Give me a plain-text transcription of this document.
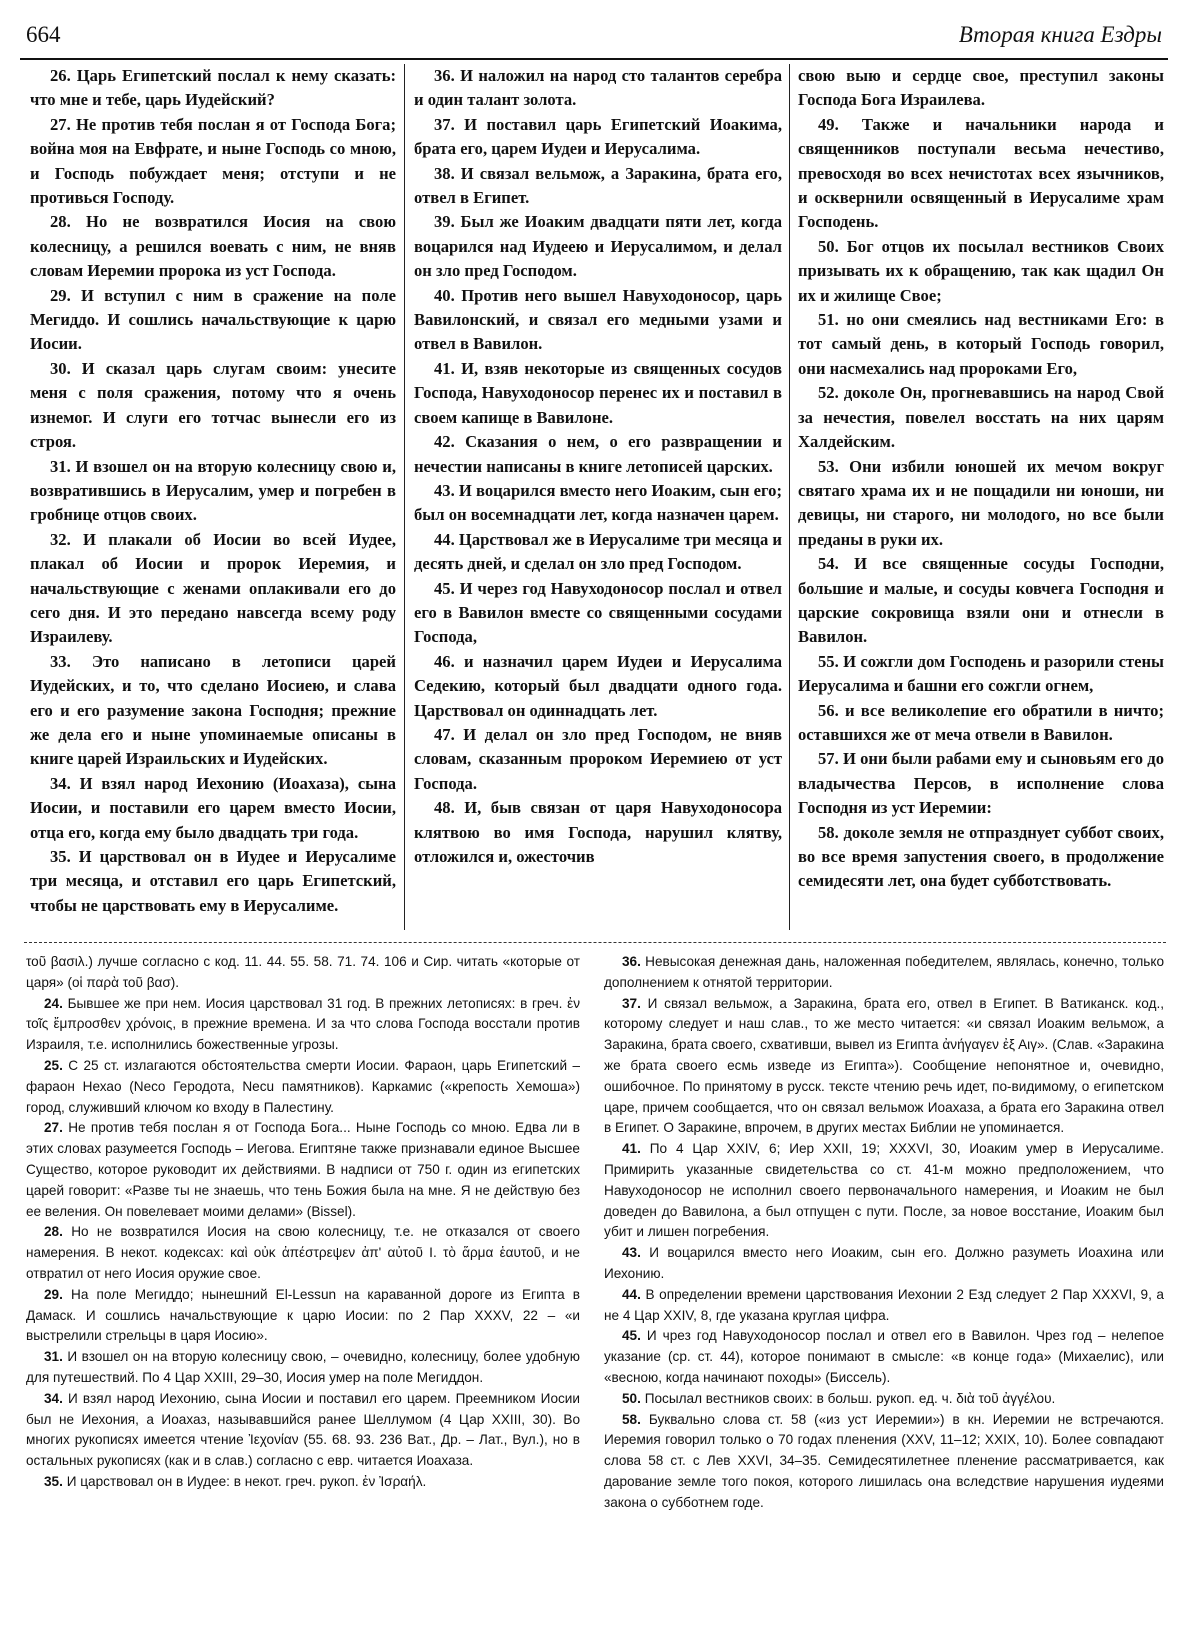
664	Вторая книга Ездры

26. Царь Египетский послал к нему сказать: что мне и тебе, царь Иудейский?

27. Не против тебя послан я от Господа Бога; война моя на Евфрате, и ныне Господь со мною, и Господь побуждает меня; отступи и не противься Господу.

28. Но не возвратился Иосия на свою колесницу, а решился воевать с ним, не вняв словам Иеремии пророка из уст Господа.

29. И вступил с ним в сражение на поле Мегиддо. И сошлись начальствующие к царю Иосии.

30. И сказал царь слугам своим: унесите меня с поля сражения, потому что я очень изнемог. И слуги его тотчас вынесли его из строя.

31. И взошел он на вторую колесницу свою и, возвратившись в Иерусалим, умер и погребен в гробнице отцов своих.

32. И плакали об Иосии во всей Иудее, плакал об Иосии и пророк Иеремия, и начальствующие с женами оплакивали его до сего дня. И это передано навсегда всему роду Израилеву.

33. Это написано в летописи царей Иудейских, и то, что сделано Иосиею, и слава его и его разумение закона Господня; прежние же дела его и ныне упоминаемые описаны в книге царей Израильских и Иудейских.

34. И взял народ Иехонию (Иоахаза), сына Иосии, и поставили его царем вместо Иосии, отца его, когда ему было двадцать три года.

35. И царствовал он в Иудее и Иерусалиме три месяца, и отставил его царь Египетский, чтобы не царствовать ему в Иерусалиме.

36. И наложил на народ сто талантов серебра и один талант золота.

37. И поставил царь Египетский Иоакима, брата его, царем Иудеи и Иерусалима.

38. И связал вельмож, а Заракина, брата его, отвел в Египет.

39. Был же Иоаким двадцати пяти лет, когда воцарился над Иудеею и Иерусалимом, и делал он зло пред Господом.

40. Против него вышел Навуходоносор, царь Вавилонский, и связал его медными узами и отвел в Вавилон.

41. И, взяв некоторые из священных сосудов Господа, Навуходоносор перенес их и поставил в своем капище в Вавилоне.

42. Сказания о нем, о его развращении и нечестии написаны в книге летописей царских.

43. И воцарился вместо него Иоаким, сын его; был он восемнадцати лет, когда назначен царем.

44. Царствовал же в Иерусалиме три месяца и десять дней, и сделал он зло пред Господом.

45. И через год Навуходоносор послал и отвел его в Вавилон вместе со священными сосудами Господа,

46. и назначил царем Иудеи и Иерусалима Седекию, который был двадцати одного года. Царствовал он одиннадцать лет.

47. И делал он зло пред Господом, не вняв словам, сказанным пророком Иеремиею от уст Господа.

48. И, быв связан от царя Навуходоносора клятвою во имя Господа, нарушил клятву, отложился и, ожесточив

свою выю и сердце свое, преступил законы Господа Бога Израилева.

49. Также и начальники народа и священников поступали весьма нечестиво, превосходя во всех нечистотах всех язычников, и осквернили освященный в Иерусалиме храм Господень.

50. Бог отцов их посылал вестников Своих призывать их к обращению, так как щадил Он их и жилище Свое;

51. но они смеялись над вестниками Его: в тот самый день, в который Господь говорил, они насмехались над пророками Его,

52. доколе Он, прогневавшись на народ Свой за нечестия, повелел восстать на них царям Халдейским.

53. Они избили юношей их мечом вокруг святаго храма их и не пощадили ни юноши, ни девицы, ни старого, ни молодого, но все были преданы в руки их.

54. И все священные сосуды Господни, большие и малые, и сосуды ковчега Господня и царские сокровища взяли они и отнесли в Вавилон.

55. И сожгли дом Господень и разорили стены Иерусалима и башни его сожгли огнем,

56. и все великолепие его обратили в ничто; оставшихся же от меча отвели в Вавилон.

57. И они были рабами ему и сыновьям его до владычества Персов, в исполнение слова Господня из уст Иеремии:

58. доколе земля не отпразднует суббот своих, во все время запустения своего, в продолжение семидесяти лет, она будет субботствовать.

τοῦ βασιλ.) лучше согласно с код. 11. 44. 55. 58. 71. 74. 106 и Сир. читать «которые от царя» (οἱ παρὰ τοῦ βασ).

24. Бывшее же при нем. Иосия царствовал 31 год. В прежних летописях: в греч. ἐν τοῖς ἔμπροσθεν χρόνοις, в прежние времена. И за что слова Господа восстали против Израиля, т.е. исполнились божественные угрозы.

25. С 25 ст. излагаются обстоятельства смерти Иосии. Фараон, царь Египетский – фараон Нехао (Neco Геродота, Necu памятников). Каркамис («крепость Хемоша») город, служивший ключом ко входу в Палестину.

27. Не против тебя послан я от Господа Бога... Ныне Господь со мною. Едва ли в этих словах разумеется Господь – Иегова. Египтяне также признавали единое Высшее Существо, которое руководит их действиями. В надписи от 750 г. один из египетских царей говорит: «Разве ты не знаешь, что тень Божия была на мне. Я не действую без ее веления. Он повелевает моими делами» (Bissel).

28. Но не возвратился Иосия на свою колесницу, т.е. не отказался от своего намерения. В некот. кодексах: καὶ οὐκ ἀπέστρεψεν ἀπ' αὐτοῦ Ι. τὸ ἅρμα ἑαυτοῦ, и не отвратил от него Иосия оружие свое.

29. На поле Мегиддо; нынешний El-Lessun на караванной дороге из Египта в Дамаск. И сошлись начальствующие к царю Иосии: по 2 Пар XXXV, 22 – «и выстрелили стрельцы в царя Иосию».

31. И взошел он на вторую колесницу свою, – очевидно, колесницу, более удобную для путешествий. По 4 Цар XXIII, 29–30, Иосия умер на поле Мегиддон.

34. И взял народ Иехонию, сына Иосии и поставил его царем. Преемником Иосии был не Иехония, а Иоахаз, называвшийся ранее Шеллумом (4 Цар XXIII, 30). Во многих рукописях имеется чтение Ἰεχονίαν (55. 68. 93. 236 Ват., Др. – Лат., Вул.), но в остальных рукописях (как и в слав.) согласно с евр. читается Иоахаза.

35. И царствовал он в Иудее: в некот. греч. рукоп. ἐν Ἰσραήλ.

36. Невысокая денежная дань, наложенная победителем, являлась, конечно, только дополнением к отнятой территории.

37. И связал вельмож, а Заракина, брата его, отвел в Египет. В Ватиканск. код., которому следует и наш слав., то же место читается: «и связал Иоаким вельмож, а Заракина, брата своего, схвативши, вывел из Египта ἀνήγαγεν ἐξ Αιγ». (Слав. «Заракина же брата своего есмь изведе из Египта»). Сообщение непонятное и, очевидно, ошибочное. По принятому в русск. тексте чтению речь идет, по-видимому, о египетском царе, причем сообщается, что он связал вельмож Иоахаза, а брата его Заракина отвел в Египет. О Заракине, впрочем, в других местах Библии не упоминается.

41. По 4 Цар XXIV, 6; Иер XXII, 19; XXXVI, 30, Иоаким умер в Иерусалиме. Примирить указанные свидетельства со ст. 41-м можно предположением, что Навуходоносор не исполнил своего первоначального намерения, и Иоаким не был доведен до Вавилона, а был отпущен с пути. После, за новое восстание, Иоаким был убит и лишен погребения.

43. И воцарился вместо него Иоаким, сын его. Должно разуметь Иоахина или Иехонию.

44. В определении времени царствования Иехонии 2 Езд следует 2 Пар XXXVI, 9, а не 4 Цар XXIV, 8, где указана круглая цифра.

45. И чрез год Навуходоносор послал и отвел его в Вавилон. Чрез год – нелепое указание (ср. ст. 44), которое понимают в смысле: «в конце года» (Михаелис), или «весною, когда начинают походы» (Биссель).

50. Посылал вестников своих: в больш. рукоп. ед. ч. διὰ τοῦ ἀγγέλου.

58. Буквально слова ст. 58 («из уст Иеремии») в кн. Иеремии не встречаются. Иеремия говорил только о 70 годах пленения (XXV, 11–12; XXIX, 10). Более совпадают слова 58 ст. с Лев XXVI, 34–35. Семидесятилетнее пленение рассматривается, как дарование земле того покоя, которого лишилась она вследствие нарушения иудеями закона о субботнем годе.
